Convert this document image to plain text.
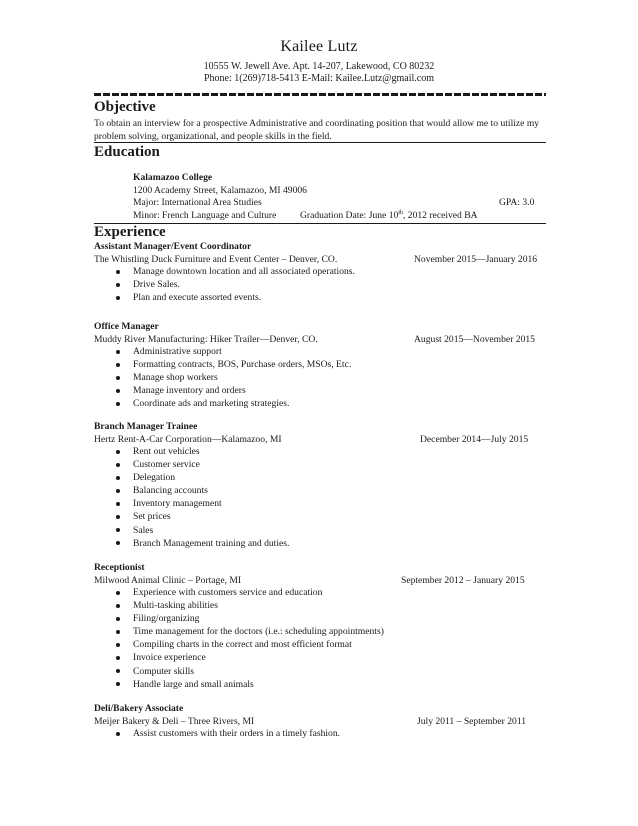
Kailee Lutz
10555 W. Jewell Ave. Apt. 14-207, Lakewood, CO 80232
Phone: 1(269)718-5413 E-Mail: Kailee.Lutz@gmail.com
Objective
To obtain an interview for a prospective Administrative and coordinating position that would allow me to utilize my problem solving, organizational, and people skills in the field.
Education
Kalamazoo College
1200 Academy Street, Kalamazoo, MI 49006
Major: International Area Studies	GPA: 3.0
Minor: French Language and Culture Graduation Date: June 10th, 2012 received BA
Experience
Assistant Manager/Event Coordinator
The Whistling Duck Furniture and Event Center – Denver, CO.	November 2015—January 2016
Manage downtown location and all associated operations.
Drive Sales.
Plan and execute assorted events.
Office Manager
Muddy River Manufacturing: Hiker Trailer—Denver, CO.	August 2015—November 2015
Administrative support
Formatting contracts, BOS, Purchase orders, MSOs, Etc.
Manage shop workers
Manage inventory and orders
Coordinate ads and marketing strategies.
Branch Manager Trainee
Hertz Rent-A-Car Corporation—Kalamazoo, MI	December 2014—July 2015
Rent out vehicles
Customer service
Delegation
Balancing accounts
Inventory management
Set prices
Sales
Branch Management training and duties.
Receptionist
Milwood Animal Clinic – Portage, MI	September 2012 – January 2015
Experience with customers service and education
Multi-tasking abilities
Filing/organizing
Time management for the doctors (i.e.: scheduling appointments)
Compiling charts in the correct and most efficient format
Invoice experience
Computer skills
Handle large and small animals
Deli/Bakery Associate
Meijer Bakery & Deli – Three Rivers, MI	July 2011 – September 2011
Assist customers with their orders in a timely fashion.
